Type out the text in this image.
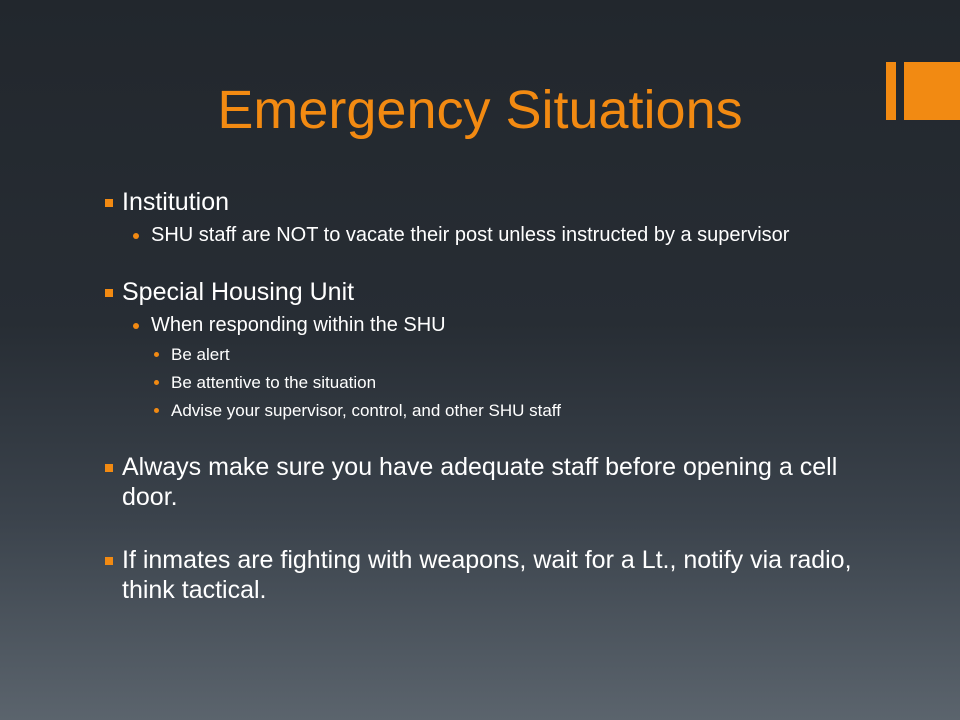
Emergency Situations
Institution
SHU staff are NOT to vacate their post unless instructed by a supervisor
Special Housing Unit
When responding within the SHU
Be alert
Be attentive to the situation
Advise your supervisor, control, and other SHU staff
Always make sure you have adequate staff before opening a cell door.
If inmates are fighting with weapons, wait for a Lt., notify via radio, think tactical.
